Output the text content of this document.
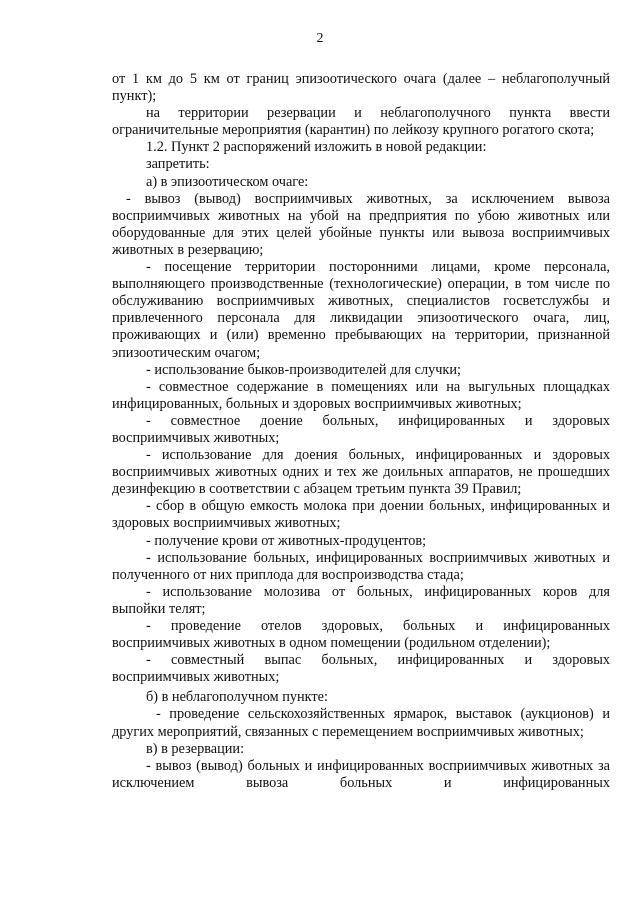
2

от 1 км до 5 км от границ эпизоотического очага (далее – неблагополучный пункт);

на территории резервации и неблагополучного пункта ввести ограничительные мероприятия (карантин) по лейкозу крупного рогатого скота;

1.2. Пункт 2 распоряжений изложить в новой редакции:

запретить:

а) в эпизоотическом очаге:

- вывоз (вывод) восприимчивых животных, за исключением вывоза восприимчивых животных на убой на предприятия по убою животных или оборудованные для этих целей убойные пункты или вывоза восприимчивых животных в резервацию;

- посещение территории посторонними лицами, кроме персонала, выполняющего производственные (технологические) операции, в том числе по обслуживанию восприимчивых животных, специалистов госветслужбы и привлеченного персонала для ликвидации эпизоотического очага, лиц, проживающих и (или) временно пребывающих на территории, признанной эпизоотическим очагом;

- использование быков-производителей для случки;

- совместное содержание в помещениях или на выгульных площадках инфицированных, больных и здоровых восприимчивых животных;

- совместное доение больных, инфицированных и здоровых восприимчивых животных;

- использование для доения больных, инфицированных и здоровых восприимчивых животных одних и тех же доильных аппаратов, не прошедших дезинфекцию в соответствии с абзацем третьим пункта 39 Правил;

- сбор в общую емкость молока при доении больных, инфицированных и здоровых восприимчивых животных;

- получение крови от животных-продуцентов;

- использование больных, инфицированных восприимчивых животных и полученного от них приплода для воспроизводства стада;

- использование молозива от больных, инфицированных коров для выпойки телят;

- проведение отелов здоровых, больных и инфицированных восприимчивых животных в одном помещении (родильном отделении);

- совместный выпас больных, инфицированных и здоровых восприимчивых животных;

б) в неблагополучном пункте:

- проведение сельскохозяйственных ярмарок, выставок (аукционов) и других мероприятий, связанных с перемещением восприимчивых животных;

в) в резервации:

- вывоз (вывод) больных и инфицированных восприимчивых животных за исключением вывоза больных и инфицированных
